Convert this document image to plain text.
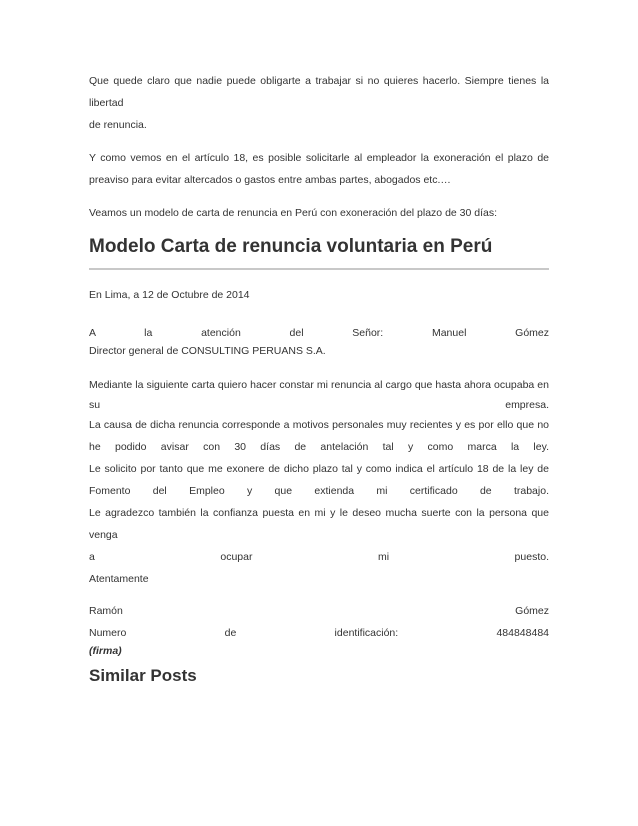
Que quede claro que nadie puede obligarte a trabajar si no quieres hacerlo. Siempre tienes la libertad

de renuncia.

Y como vemos en el artículo 18, es posible solicitarle al empleador la exoneración el plazo de

preaviso para evitar altercados o gastos entre ambas partes, abogados etc.…

Veamos un modelo de carta de renuncia en Perú con exoneración del plazo de 30 días:

Modelo Carta de renuncia voluntaria en Perú

En Lima, a 12 de Octubre de 2014

A la atención del Señor: Manuel Gómez

Director general de CONSULTING PERUANS S.A.

Mediante la siguiente carta quiero hacer constar mi renuncia al cargo que hasta ahora ocupaba en

su empresa.

La causa de dicha renuncia corresponde a motivos personales muy recientes y es por ello que no

he podido avisar con 30 días de antelación tal y como marca la ley.

Le solicito por tanto que me exonere de dicho plazo tal y como indica el artículo 18 de la ley de

Fomento del Empleo y que extienda mi certificado de trabajo.

Le agradezco también la confianza puesta en mi y le deseo mucha suerte con la persona que venga

a ocupar mi puesto.

Atentamente

Ramón Gómez

Numero de identificación: 484848484

(firma)

Similar Posts
